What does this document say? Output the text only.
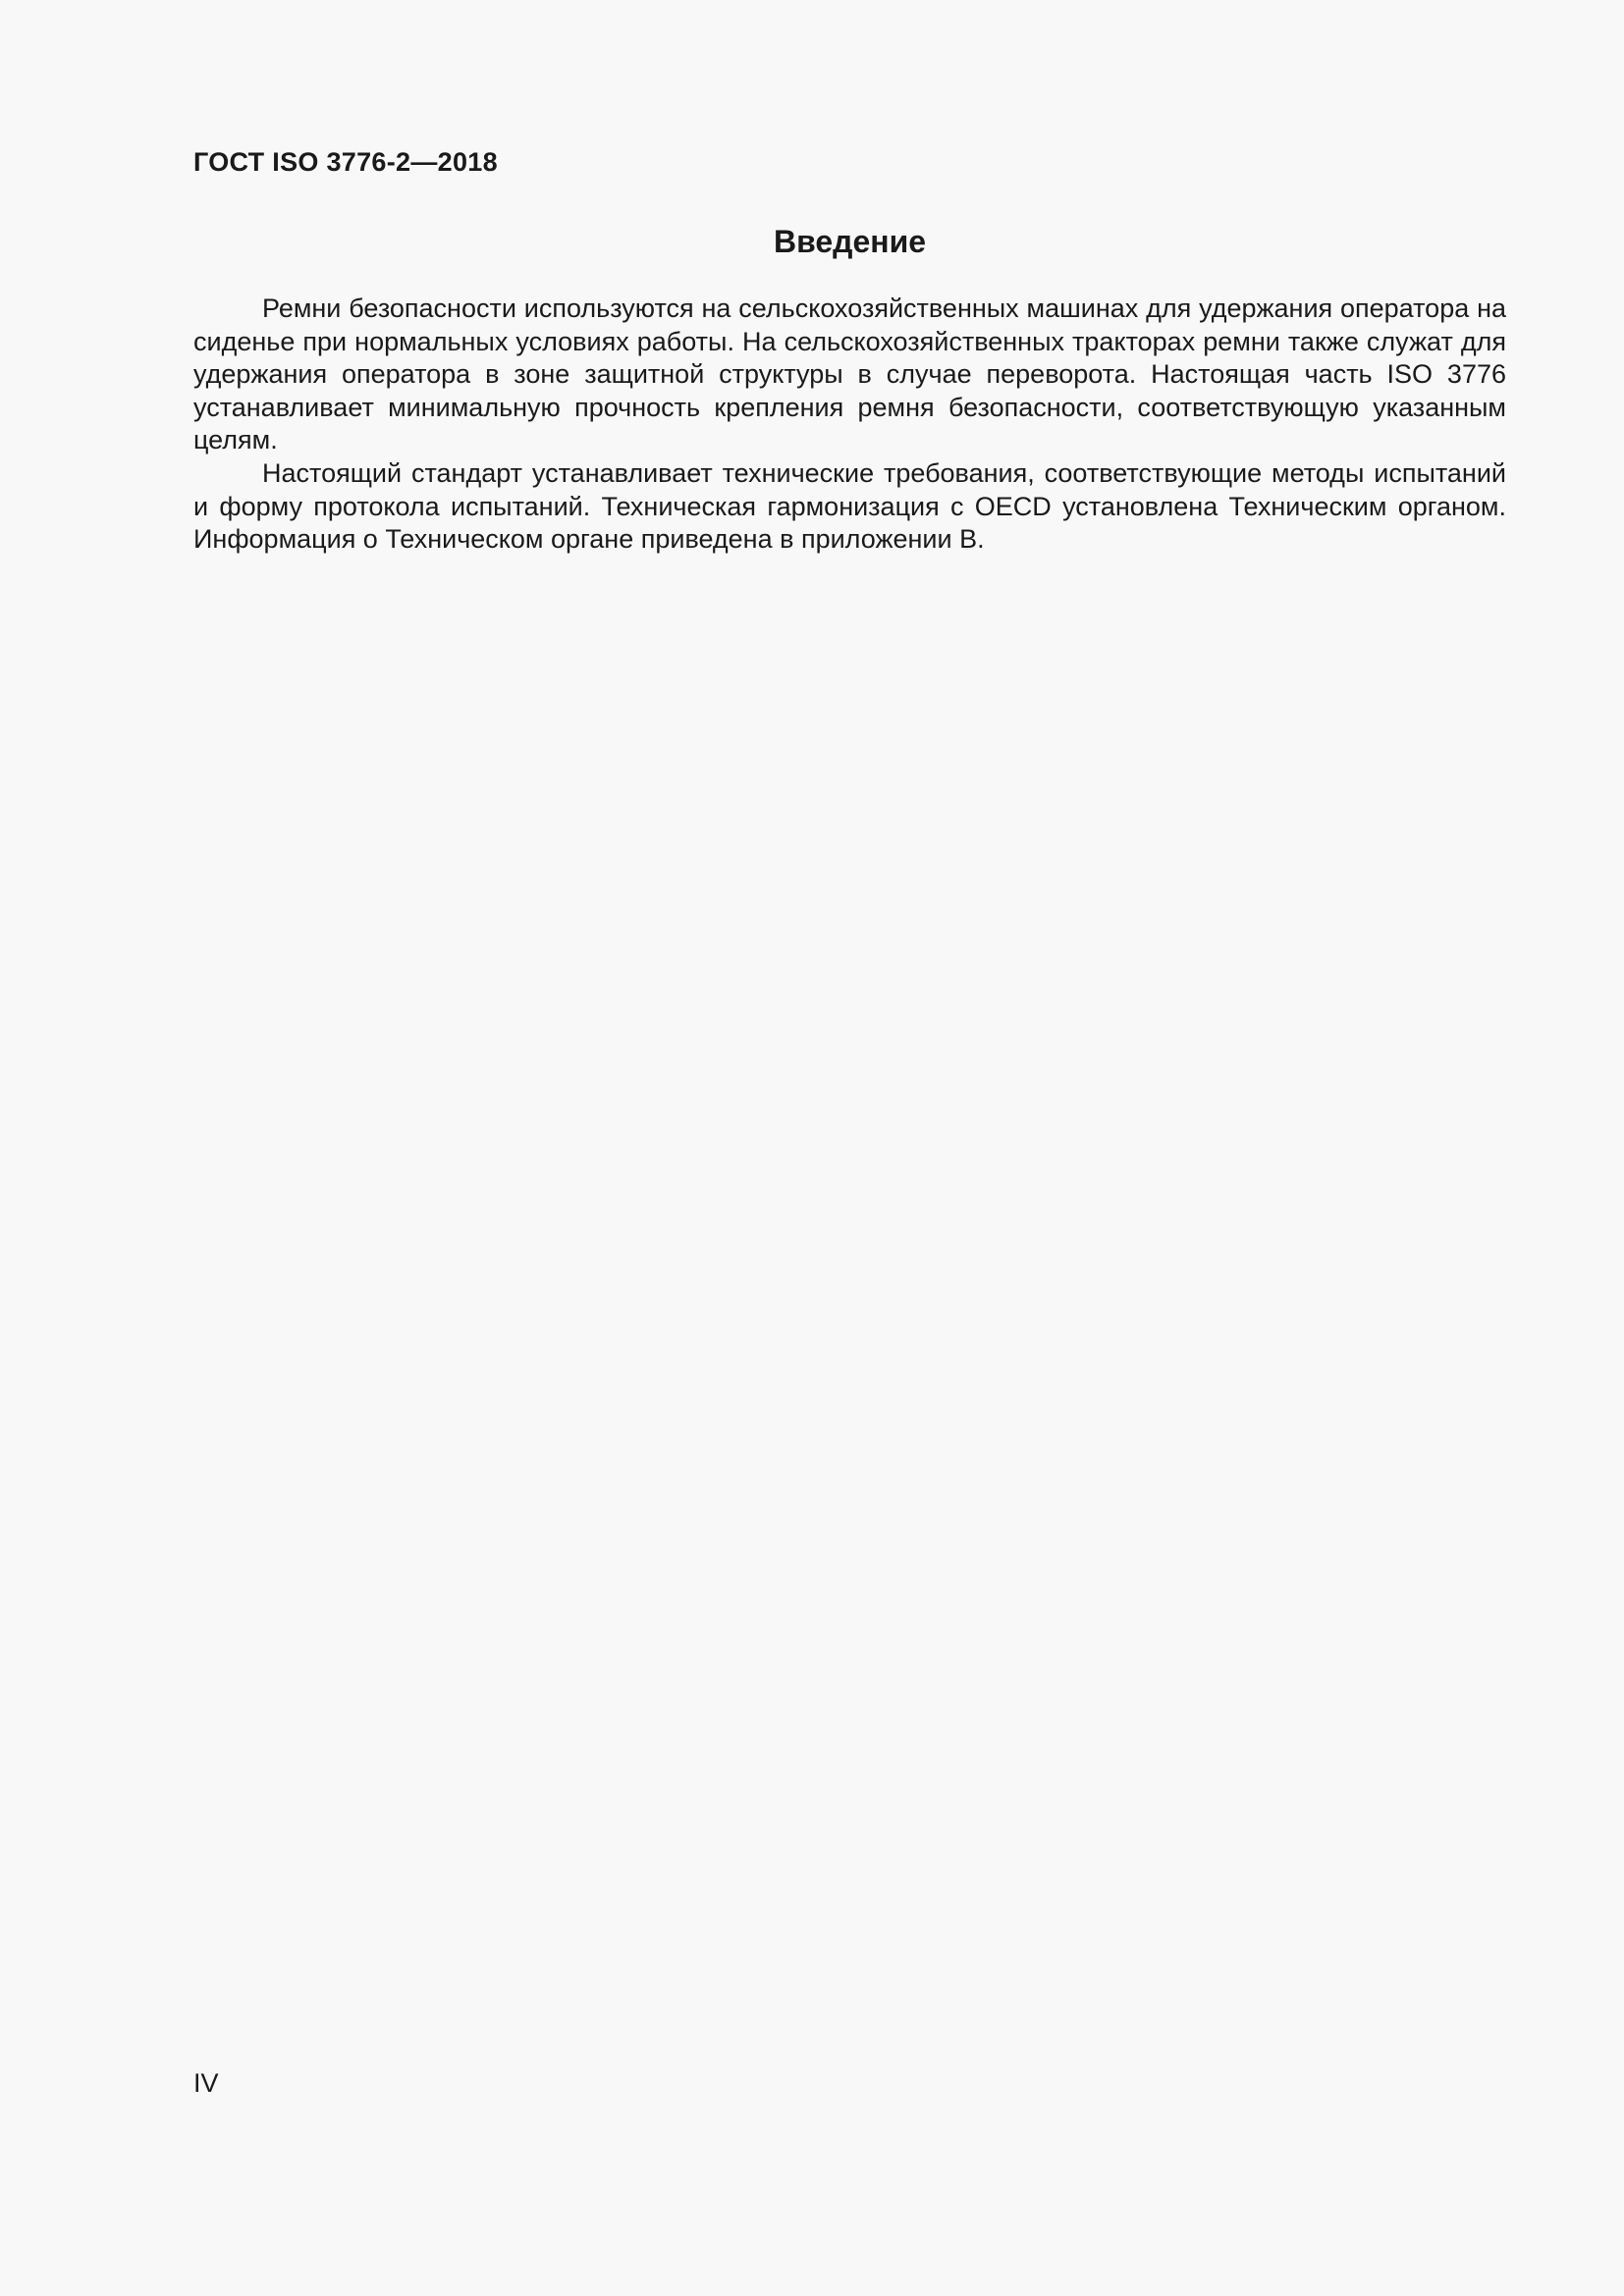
ГОСТ ISO 3776-2—2018
Введение

Ремни безопасности используются на сельскохозяйственных машинах для удержания оператора на сиденье при нормальных условиях работы. На сельскохозяйственных тракторах ремни также служат для удержания оператора в зоне защитной структуры в случае переворота. Настоящая часть ISO 3776 устанавливает минимальную прочность крепления ремня безопасности, соответствующую указанным целям.

Настоящий стандарт устанавливает технические требования, соответствующие методы испытаний и форму протокола испытаний. Техническая гармонизация с OECD установлена Техническим органом. Информация о Техническом органе приведена в приложении B.

IV
